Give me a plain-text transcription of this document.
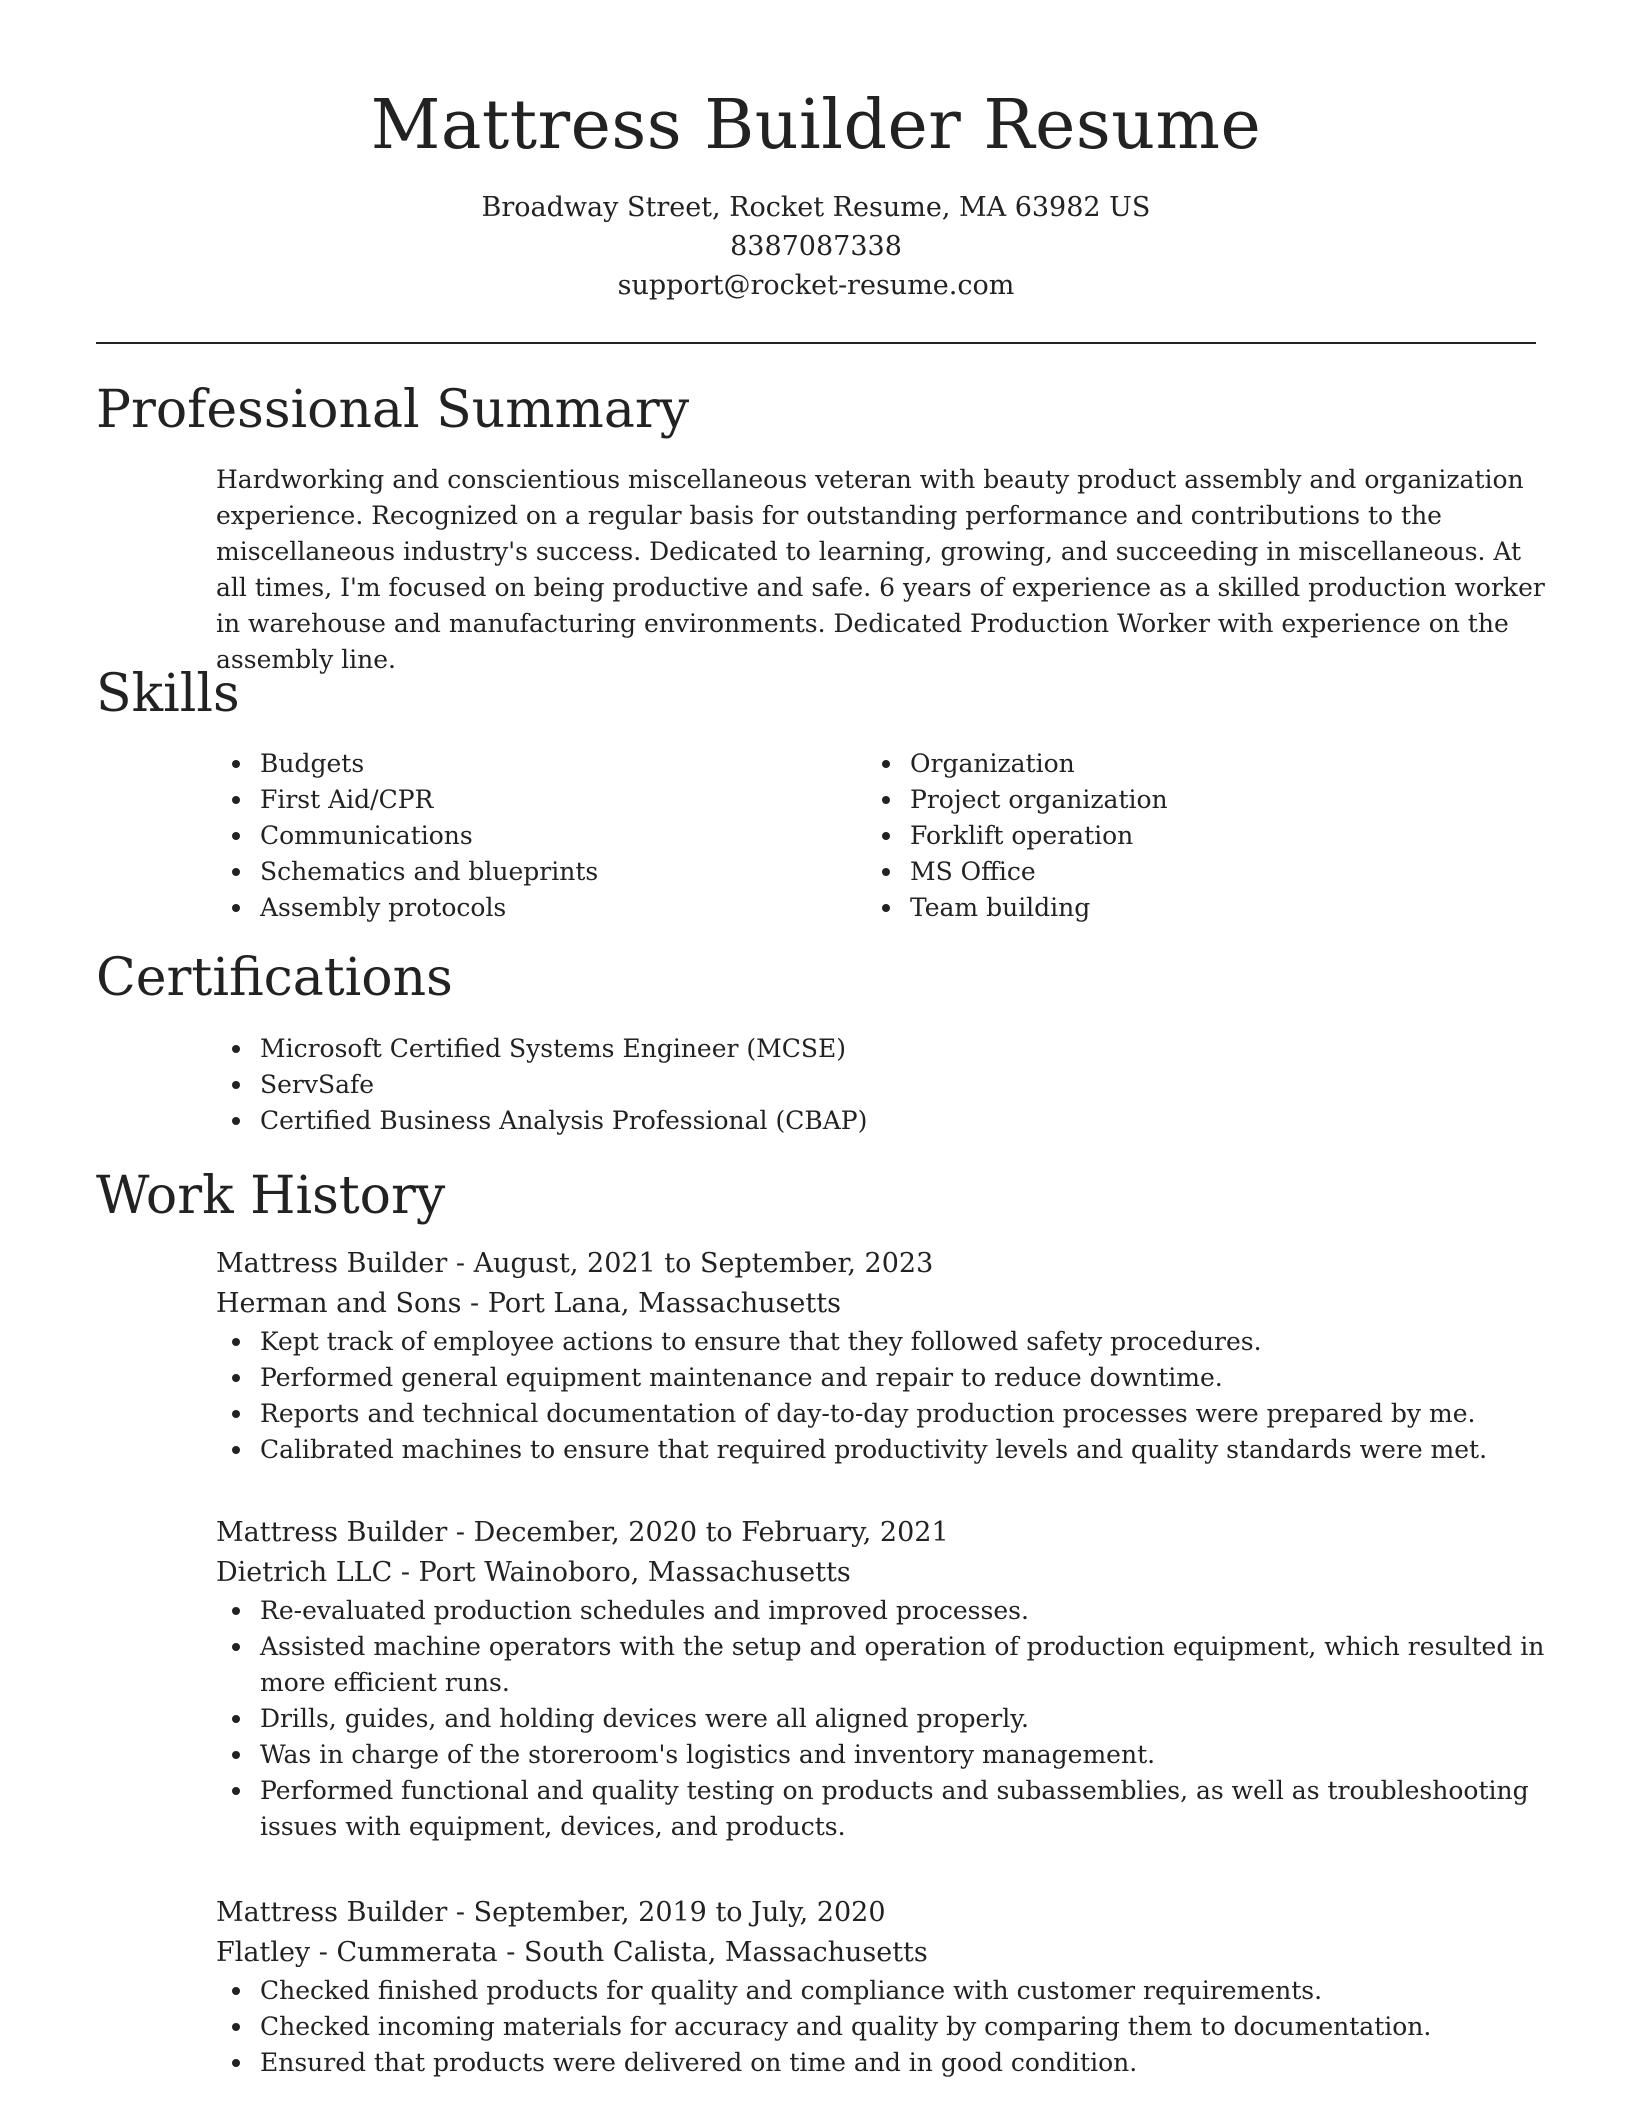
Mattress Builder Resume
Broadway Street, Rocket Resume, MA 63982 US
8387087338
support@rocket-resume.com
Professional Summary

Hardworking and conscientious miscellaneous veteran with beauty product assembly and organization experience. Recognized on a regular basis for outstanding performance and contributions to the miscellaneous industry's success. Dedicated to learning, growing, and succeeding in miscellaneous. At all times, I'm focused on being productive and safe. 6 years of experience as a skilled production worker in warehouse and manufacturing environments. Dedicated Production Worker with experience on the assembly line.

Skills
Budgets
First Aid/CPR
Communications
Schematics and blueprints
Assembly protocols
Organization
Project organization
Forklift operation
MS Office
Team building
Certifications
Microsoft Certified Systems Engineer (MCSE)
ServSafe
Certified Business Analysis Professional (CBAP)
Work History
Mattress Builder - August, 2021 to September, 2023
Herman and Sons - Port Lana, Massachusetts
Kept track of employee actions to ensure that they followed safety procedures.
Performed general equipment maintenance and repair to reduce downtime.
Reports and technical documentation of day-to-day production processes were prepared by me.
Calibrated machines to ensure that required productivity levels and quality standards were met.
Mattress Builder - December, 2020 to February, 2021
Dietrich LLC - Port Wainoboro, Massachusetts
Re-evaluated production schedules and improved processes.
Assisted machine operators with the setup and operation of production equipment, which resulted in more efficient runs.
Drills, guides, and holding devices were all aligned properly.
Was in charge of the storeroom's logistics and inventory management.
Performed functional and quality testing on products and subassemblies, as well as troubleshooting issues with equipment, devices, and products.
Mattress Builder - September, 2019 to July, 2020
Flatley - Cummerata - South Calista, Massachusetts
Checked finished products for quality and compliance with customer requirements.
Checked incoming materials for accuracy and quality by comparing them to documentation.
Ensured that products were delivered on time and in good condition.
